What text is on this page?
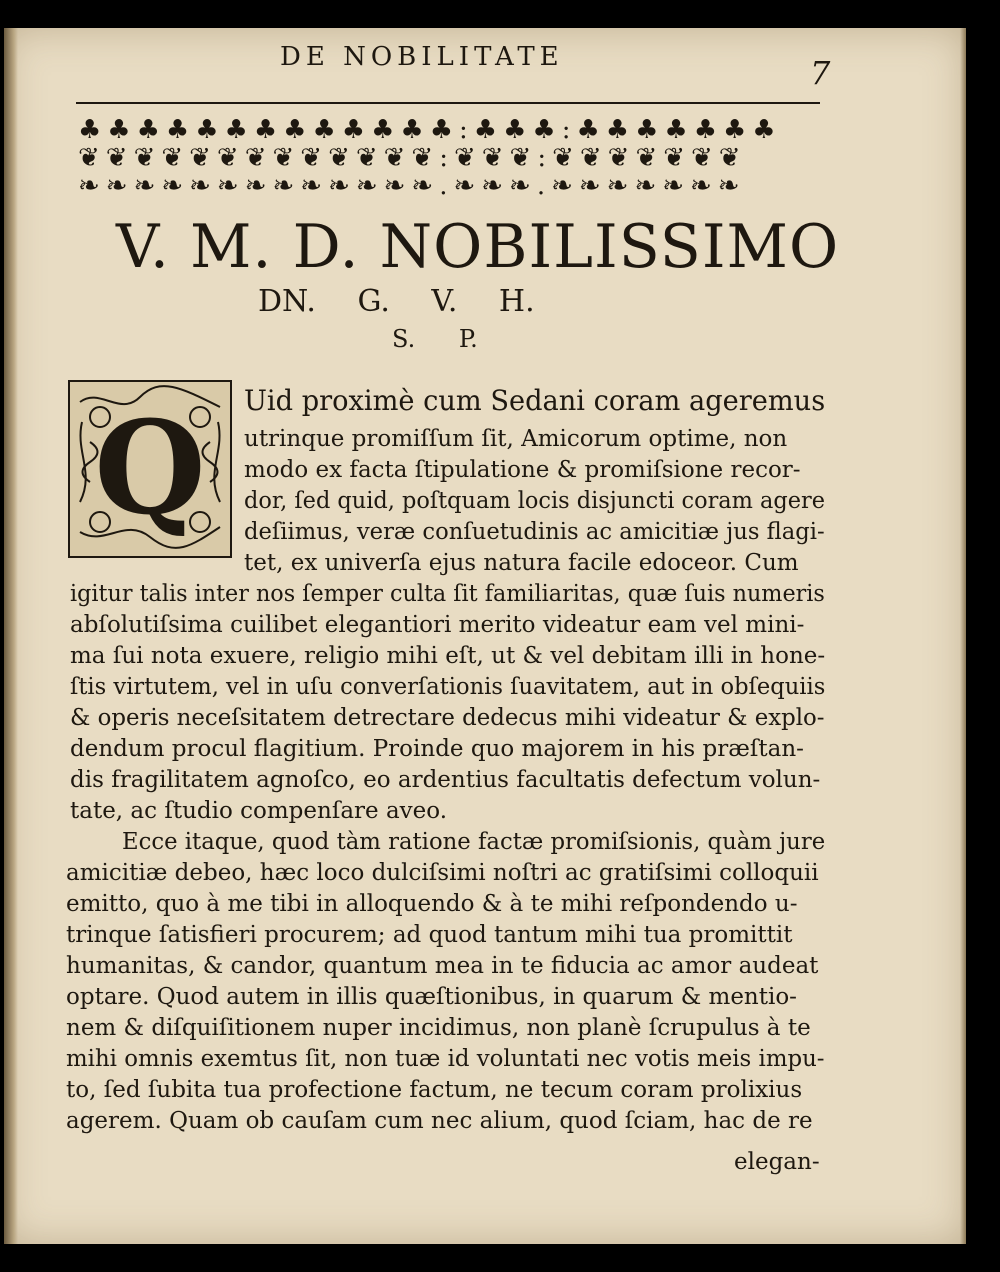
DE NOBILITATE	7
♣♣♣♣♣♣♣♣♣♣♣♣♣:♣♣♣:♣♣♣♣♣♣♣
❦❦❦❦❦❦❦❦❦❦❦❦❦:❦❦❦:❦❦❦❦❦❦❦
❧❧❧❧❧❧❧❧❧❧❧❧❧.❧❧❧.❧❧❧❧❧❧❧
V. M. D. NOBILISSIMO
DN. G. V. H.
S. P.
Q	Uid proximè cum Sedani coram ageremus
utrinque promiſſum ſit, Amicorum optime, non
modo ex facta ſtipulatione & promiſsione recor-
dor, ſed quid, poſtquam locis disjuncti coram agere
deſiimus, veræ conſuetudinis ac amicitiæ jus flagi-
tet, ex univerſa ejus natura facile edoceor. Cum
igitur talis inter nos ſemper culta ſit familiaritas, quæ ſuis numeris
abſolutiſsima cuilibet elegantiori merito videatur eam vel mini-
ma ſui nota exuere, religio mihi eſt, ut & vel debitam illi in hone-
ſtis virtutem, vel in uſu converſationis ſuavitatem, aut in obſequiis
& operis neceſsitatem detrectare dedecus mihi videatur & explo-
dendum procul flagitium. Proinde quo majorem in his præſtan-
dis fragilitatem agnoſco, eo ardentius facultatis defectum volun-
tate, ac ſtudio compenſare aveo.
Ecce itaque, quod tàm ratione factæ promiſsionis, quàm jure
amicitiæ debeo, hæc loco dulciſsimi noſtri ac gratiſsimi colloquii
emitto, quo à me tibi in alloquendo & à te mihi reſpondendo u-
trinque ſatisfieri procurem; ad quod tantum mihi tua promittit
humanitas, & candor, quantum mea in te fiducia ac amor audeat
optare. Quod autem in illis quæſtionibus, in quarum & mentio-
nem & diſquiſitionem nuper incidimus, non planè ſcrupulus à te
mihi omnis exemtus ſit, non tuæ id voluntati nec votis meis impu-
to, ſed ſubita tua profectione factum, ne tecum coram prolixius
agerem. Quam ob cauſam cum nec alium, quod ſciam, hac de re
elegan-
